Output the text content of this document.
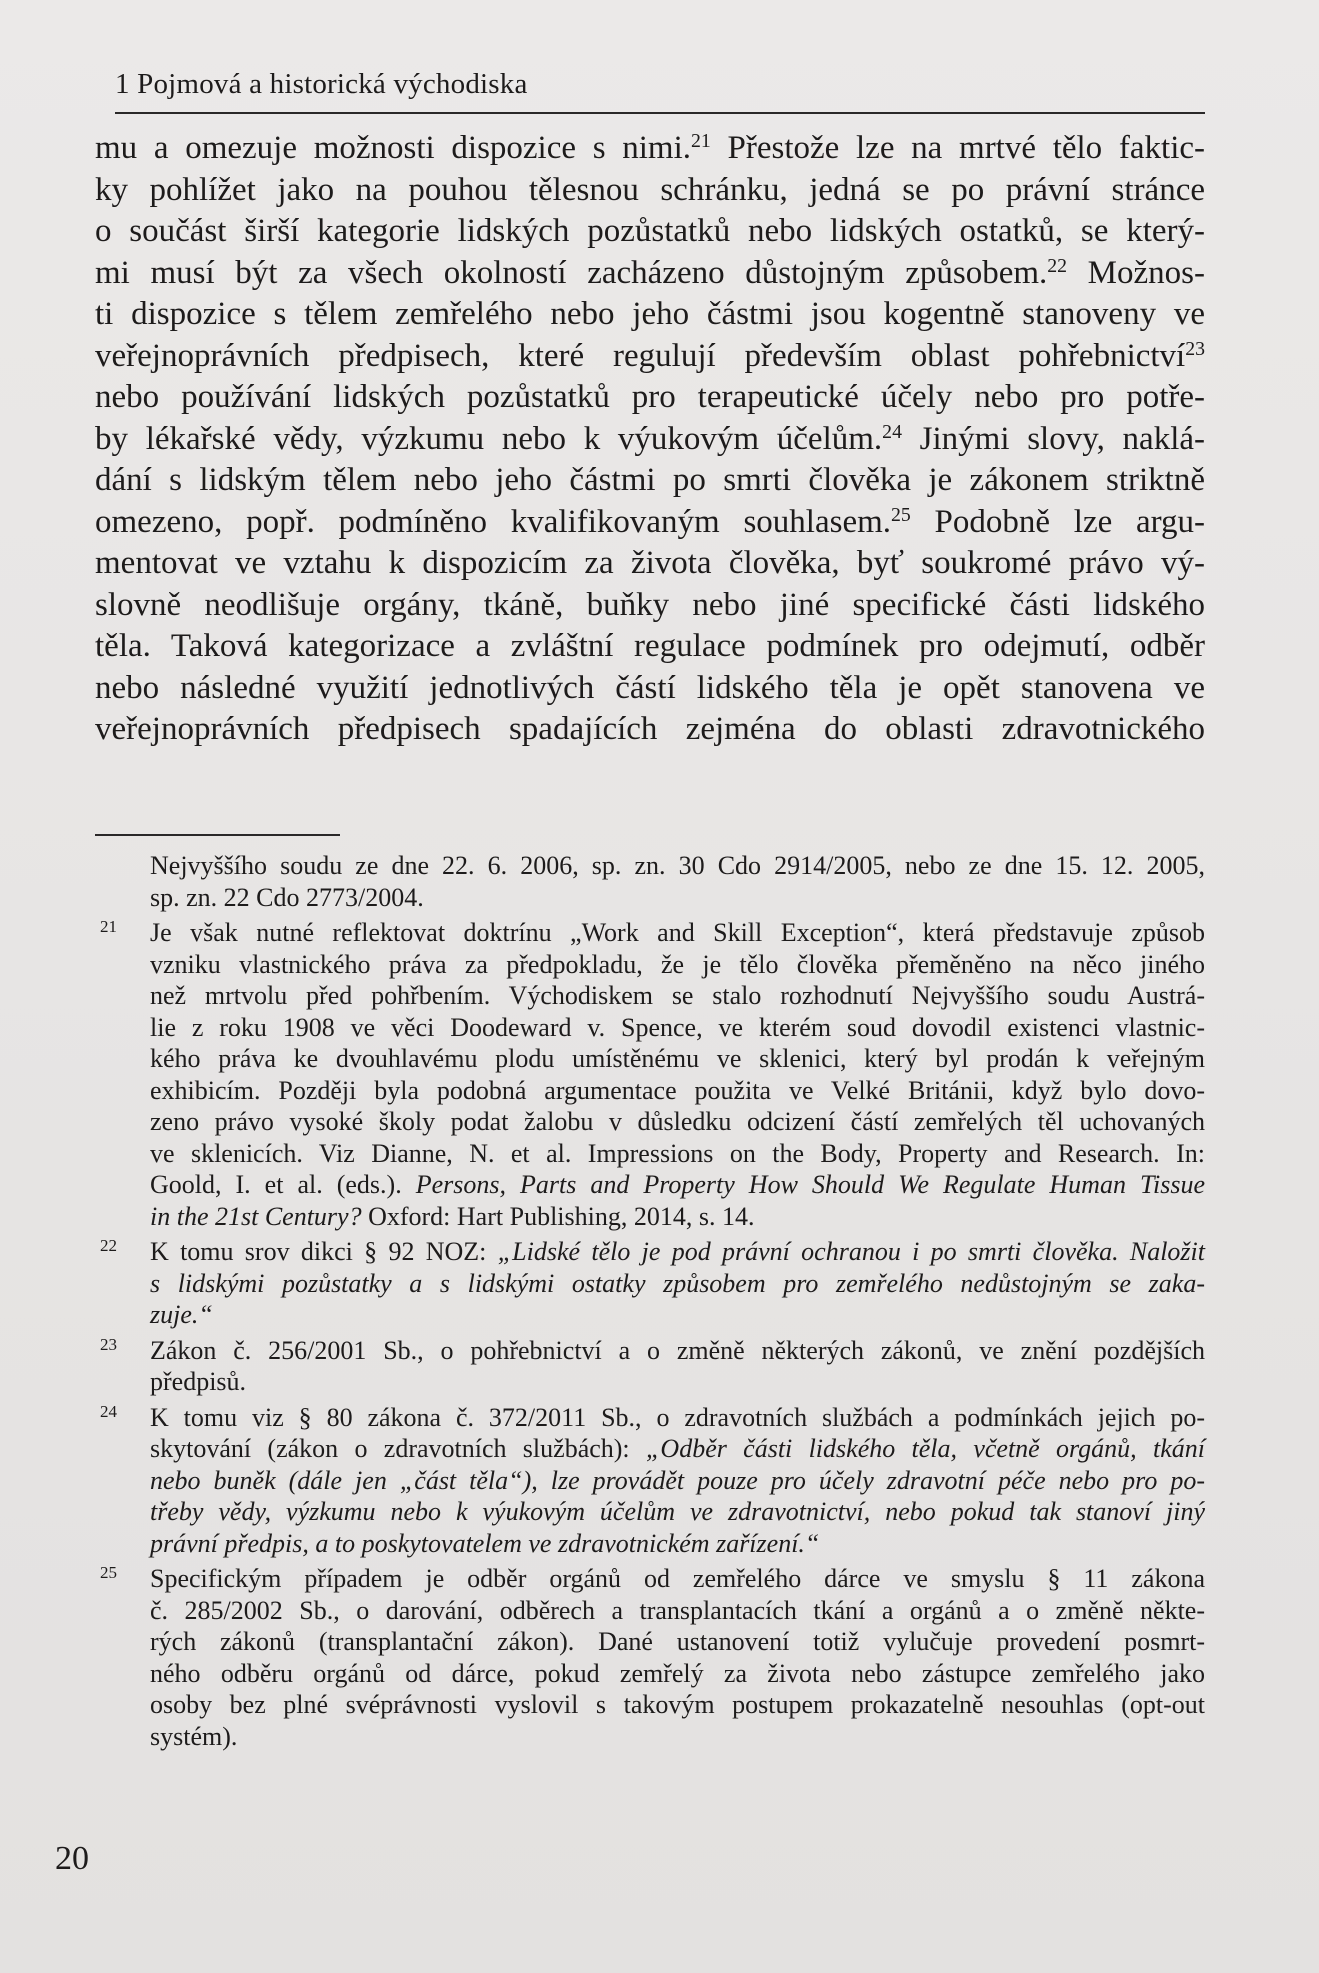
1 Pojmová a historická východiska
mu a omezuje možnosti dispozice s nimi.$^{21}$ Přestože lze na mrtvé tělo faktic-
ky pohlížet jako na pouhou tělesnou schránku, jedná se po právní stránce
o součást širší kategorie lidských pozůstatků nebo lidských ostatků, se který-
mi musí být za všech okolností zacházeno důstojným způsobem.$^{22}$ Možnos-
ti dispozice s tělem zemřelého nebo jeho částmi jsou kogentně stanoveny ve
veřejnoprávních předpisech, které regulují především oblast pohřebnictví$^{23}$
nebo používání lidských pozůstatků pro terapeutické účely nebo pro potře-
by lékařské vědy, výzkumu nebo k výukovým účelům.$^{24}$ Jinými slovy, naklá-
dání s lidským tělem nebo jeho částmi po smrti člověka je zákonem striktně
omezeno, popř. podmíněno kvalifikovaným souhlasem.$^{25}$ Podobně lze argu-
mentovat ve vztahu k dispozicím za života člověka, byť soukromé právo vý-
slovně neodlišuje orgány, tkáně, buňky nebo jiné specifické části lidského
těla. Taková kategorizace a zvláštní regulace podmínek pro odejmutí, odběr
nebo následné využití jednotlivých částí lidského těla je opět stanovena ve
veřejnoprávních předpisech spadajících zejména do oblasti zdravotnického
Nejvyššího soudu ze dne 22. 6. 2006, sp. zn. 30 Cdo 2914/2005, nebo ze dne 15. 12. 2005,
sp. zn. 22 Cdo 2773/2004.
21 Je však nutné reflektovat doktrínu „Work and Skill Exception“, která představuje způsob
vzniku vlastnického práva za předpokladu, že je tělo člověka přeměněno na něco jiného
než mrtvolu před pohřbením. Východiskem se stalo rozhodnutí Nejvyššího soudu Austrá-
lie z roku 1908 ve věci Doodeward v. Spence, ve kterém soud dovodil existenci vlastnic-
kého práva ke dvouhlavému plodu umístěnému ve sklenici, který byl prodán k veřejným
exhibicím. Později byla podobná argumentace použita ve Velké Británii, když bylo dovo-
zeno právo vysoké školy podat žalobu v důsledku odcizení částí zemřelých těl uchovaných
ve sklenicích. Viz Dianne, N. et al. Impressions on the Body, Property and Research. In:
Goold, I. et al. (eds.). Persons, Parts and Property How Should We Regulate Human Tissue
in the 21st Century? Oxford: Hart Publishing, 2014, s. 14.
22 K tomu srov dikci § 92 NOZ: „Lidské tělo je pod právní ochranou i po smrti člověka. Naložit
s lidskými pozůstatky a s lidskými ostatky způsobem pro zemřelého nedůstojným se zaka-
zuje.“
23 Zákon č. 256/2001 Sb., o pohřebnictví a o změně některých zákonů, ve znění pozdějších
předpisů.
24 K tomu viz § 80 zákona č. 372/2011 Sb., o zdravotních službách a podmínkách jejich po-
skytování (zákon o zdravotních službách): „Odběr části lidského těla, včetně orgánů, tkání
nebo buněk (dále jen „část těla“), lze provádět pouze pro účely zdravotní péče nebo pro po-
třeby vědy, výzkumu nebo k výukovým účelům ve zdravotnictví, nebo pokud tak stanoví jiný
právní předpis, a to poskytovatelem ve zdravotnickém zařízení.“
25 Specifickým případem je odběr orgánů od zemřelého dárce ve smyslu § 11 zákona
č. 285/2002 Sb., o darování, odběrech a transplantacích tkání a orgánů a o změně někte-
rých zákonů (transplantační zákon). Dané ustanovení totiž vylučuje provedení posmrt-
ného odběru orgánů od dárce, pokud zemřelý za života nebo zástupce zemřelého jako
osoby bez plné svéprávnosti vyslovil s takovým postupem prokazatelně nesouhlas (opt-out
systém).
20
